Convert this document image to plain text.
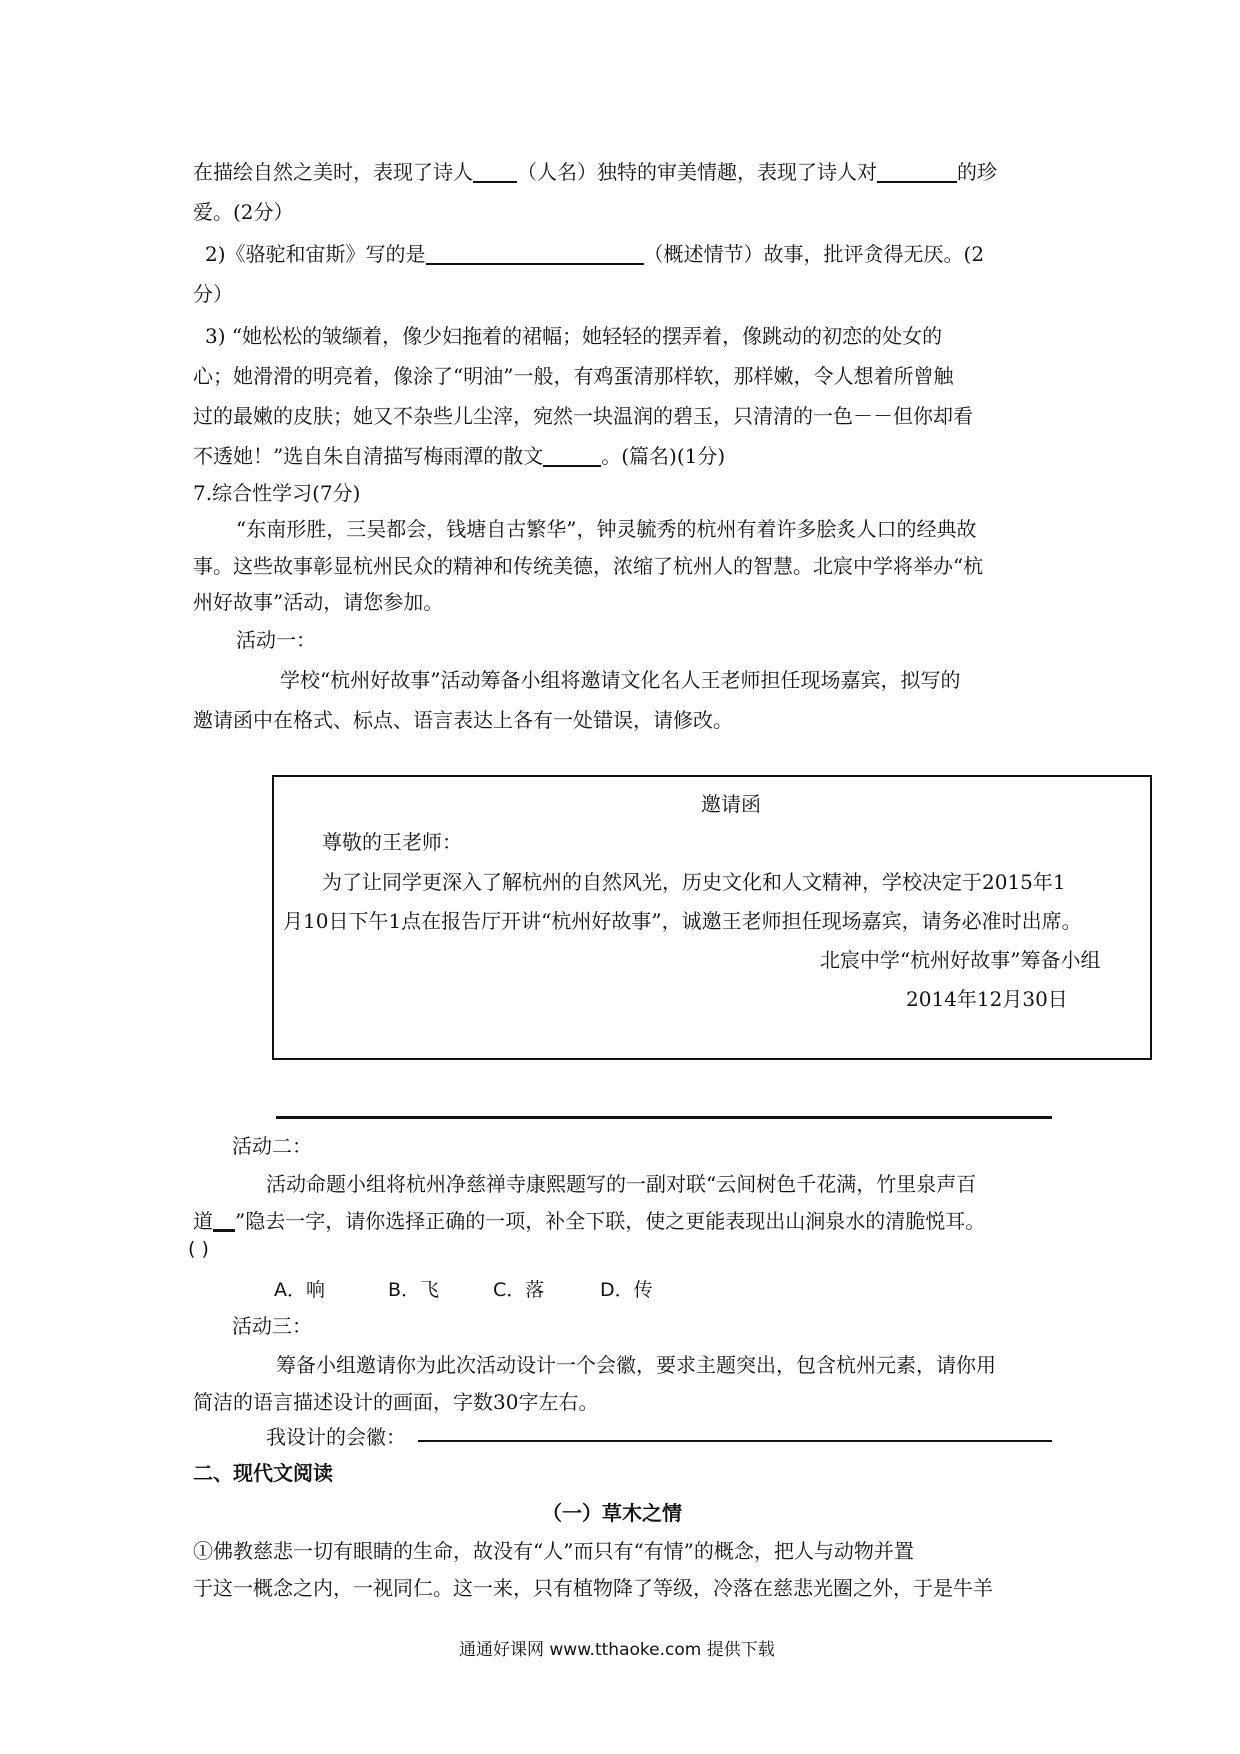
在描绘自然之美时，表现了诗人 （人名）独特的审美情趣，表现了诗人对	的珍
爱。(2分）
2)《骆驼和宙斯》写的是	（概述情节）故事，批评贪得无厌。(2
分）
3) “她松松的皱缬着，像少妇拖着的裙幅；她轻轻的摆弄着，像跳动的初恋的处女的
心；她滑滑的明亮着，像涂了“明油”一般，有鸡蛋清那样软，那样嫩，令人想着所曾触
过的最嫩的皮肤；她又不杂些儿尘滓，宛然一块温润的碧玉，只清清的一色－－但你却看
不透她！”选自朱自清描写梅雨潭的散文	。(篇名)(1分)
7.综合性学习(7分)
“东南形胜，三吴都会，钱塘自古繁华”，钟灵毓秀的杭州有着许多脍炙人口的经典故
事。这些故事彰显杭州民众的精神和传统美德，浓缩了杭州人的智慧。北宸中学将举办“杭
州好故事”活动，请您参加。
活动一：
学校“杭州好故事”活动筹备小组将邀请文化名人王老师担任现场嘉宾，拟写的
邀请函中在格式、标点、语言表达上各有一处错误，请修改。
邀请函
尊敬的王老师：
为了让同学更深入了解杭州的自然风光，历史文化和人文精神，学校决定于2015年1
月10日下午1点在报告厅开讲“杭州好故事”，诚邀王老师担任现场嘉宾，请务必准时出席。
北宸中学“杭州好故事”筹备小组
2014年12月30日
活动二：
活动命题小组将杭州净慈禅寺康熙题写的一副对联“云间树色千花满，竹里泉声百
道 ”隐去一字，请你选择正确的一项，补全下联，使之更能表现出山涧泉水的清脆悦耳。
( )
A．响	B．飞	C．落	D．传
活动三：
筹备小组邀请你为此次活动设计一个会徽，要求主题突出，包含杭州元素，请你用
简洁的语言描述设计的画面，字数30字左右。
我设计的会徽：
二、现代文阅读
（一）草木之情
①佛教慈悲一切有眼睛的生命，故没有“人”而只有“有情”的概念，把人与动物并置
于这一概念之内，一视同仁。这一来，只有植物降了等级，冷落在慈悲光圈之外，于是牛羊
通通好课网 www.tthaoke.com 提供下载
